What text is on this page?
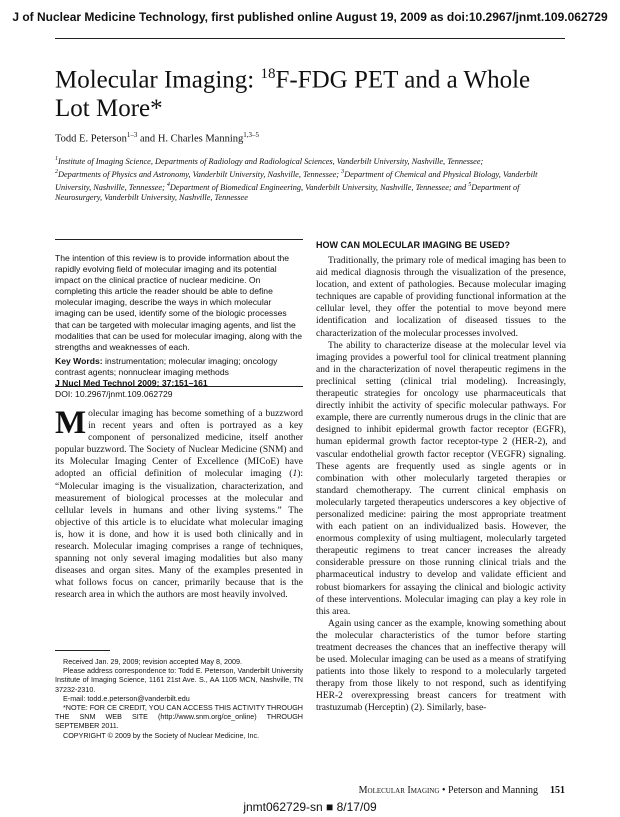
J of Nuclear Medicine Technology, first published online August 19, 2009 as doi:10.2967/jnmt.109.062729
Molecular Imaging: $^{18}$F-FDG PET and a Whole Lot More*
Todd E. Peterson$^{1-3}$ and H. Charles Manning$^{1,3-5}$
$^1$Institute of Imaging Science, Departments of Radiology and Radiological Sciences, Vanderbilt University, Nashville, Tennessee;
$^2$Departments of Physics and Astronomy, Vanderbilt University, Nashville, Tennessee; $^3$Department of Chemical and Physical Biology, Vanderbilt University, Nashville, Tennessee; $^4$Department of Biomedical Engineering, Vanderbilt University, Nashville, Tennessee; and $^5$Department of Neurosurgery, Vanderbilt University, Nashville, Tennessee

The intention of this review is to provide information about the rapidly evolving field of molecular imaging and its potential impact on the clinical practice of nuclear medicine. On completing this article the reader should be able to define molecular imaging, describe the ways in which molecular imaging can be used, identify some of the biologic processes that can be targeted with molecular imaging agents, and list the modalities that can be used for molecular imaging, along with the strengths and weaknesses of each.

Key Words: instrumentation; molecular imaging; oncology contrast agents; nonnuclear imaging methods

J Nucl Med Technol 2009; 37:151–161

DOI: 10.2967/jnmt.109.062729

Molecular imaging has become something of a buzzword in recent years and often is portrayed as a key component of personalized medicine, itself another popular buzzword. The Society of Nuclear Medicine (SNM) and its Molecular Imaging Center of Excellence (MICoE) have adopted an official definition of molecular imaging (1): “Molecular imaging is the visualization, characterization, and measurement of biological processes at the molecular and cellular levels in humans and other living systems.” The objective of this article is to elucidate what molecular imaging is, how it is done, and how it is used both clinically and in research. Molecular imaging comprises a range of techniques, spanning not only several imaging modalities but also many diseases and organ sites. Many of the examples presented in what follows focus on cancer, primarily because that is the research area in which the authors are most heavily involved.

Received Jan. 29, 2009; revision accepted May 8, 2009.

Please address correspondence to: Todd E. Peterson, Vanderbilt University Institute of Imaging Science, 1161 21st Ave. S., AA 1105 MCN, Nashville, TN 37232-2310.

E-mail: todd.e.peterson@vanderbilt.edu

*NOTE: FOR CE CREDIT, YOU CAN ACCESS THIS ACTIVITY THROUGH THE SNM WEB SITE (http://www.snm.org/ce_online) THROUGH SEPTEMBER 2011.

COPYRIGHT © 2009 by the Society of Nuclear Medicine, Inc.

HOW CAN MOLECULAR IMAGING BE USED?

Traditionally, the primary role of medical imaging has been to aid medical diagnosis through the visualization of the presence, location, and extent of pathologies. Because molecular imaging techniques are capable of providing functional information at the cellular level, they offer the potential to move beyond mere identification and localization of diseased tissues to the characterization of the molecular processes involved.

The ability to characterize disease at the molecular level via imaging provides a powerful tool for clinical treatment planning and in the characterization of novel therapeutic regimens in the preclinical setting (clinical trial modeling). Increasingly, therapeutic strategies for oncology use pharmaceuticals that directly inhibit the activity of specific molecular pathways. For example, there are currently numerous drugs in the clinic that are designed to inhibit epidermal growth factor receptor (EGFR), human epidermal growth factor receptor-type 2 (HER-2), and vascular endothelial growth factor receptor (VEGFR) signaling. These agents are frequently used as single agents or in combination with other molecularly targeted therapies or standard chemotherapy. The current clinical emphasis on molecularly targeted therapeutics underscores a key objective of personalized medicine: pairing the most appropriate treatment with each patient on an individualized basis. However, the enormous complexity of using multiagent, molecularly targeted therapeutic regimens to treat cancer increases the already considerable pressure on those running clinical trials and the pharmaceutical industry to develop and validate efficient and robust biomarkers for assaying the clinical and biologic activity of these interventions. Molecular imaging can play a key role in this area.

Again using cancer as the example, knowing something about the molecular characteristics of the tumor before starting treatment decreases the chances that an ineffective therapy will be used. Molecular imaging can be used as a means of stratifying patients into those likely to respond to a molecularly targeted therapy from those likely to not respond, such as identifying HER-2 overexpressing breast cancers for treatment with trastuzumab (Herceptin) (2). Similarly, base-

Molecular Imaging • Peterson and Manning 151
jnmt062729-sn ■ 8/17/09
